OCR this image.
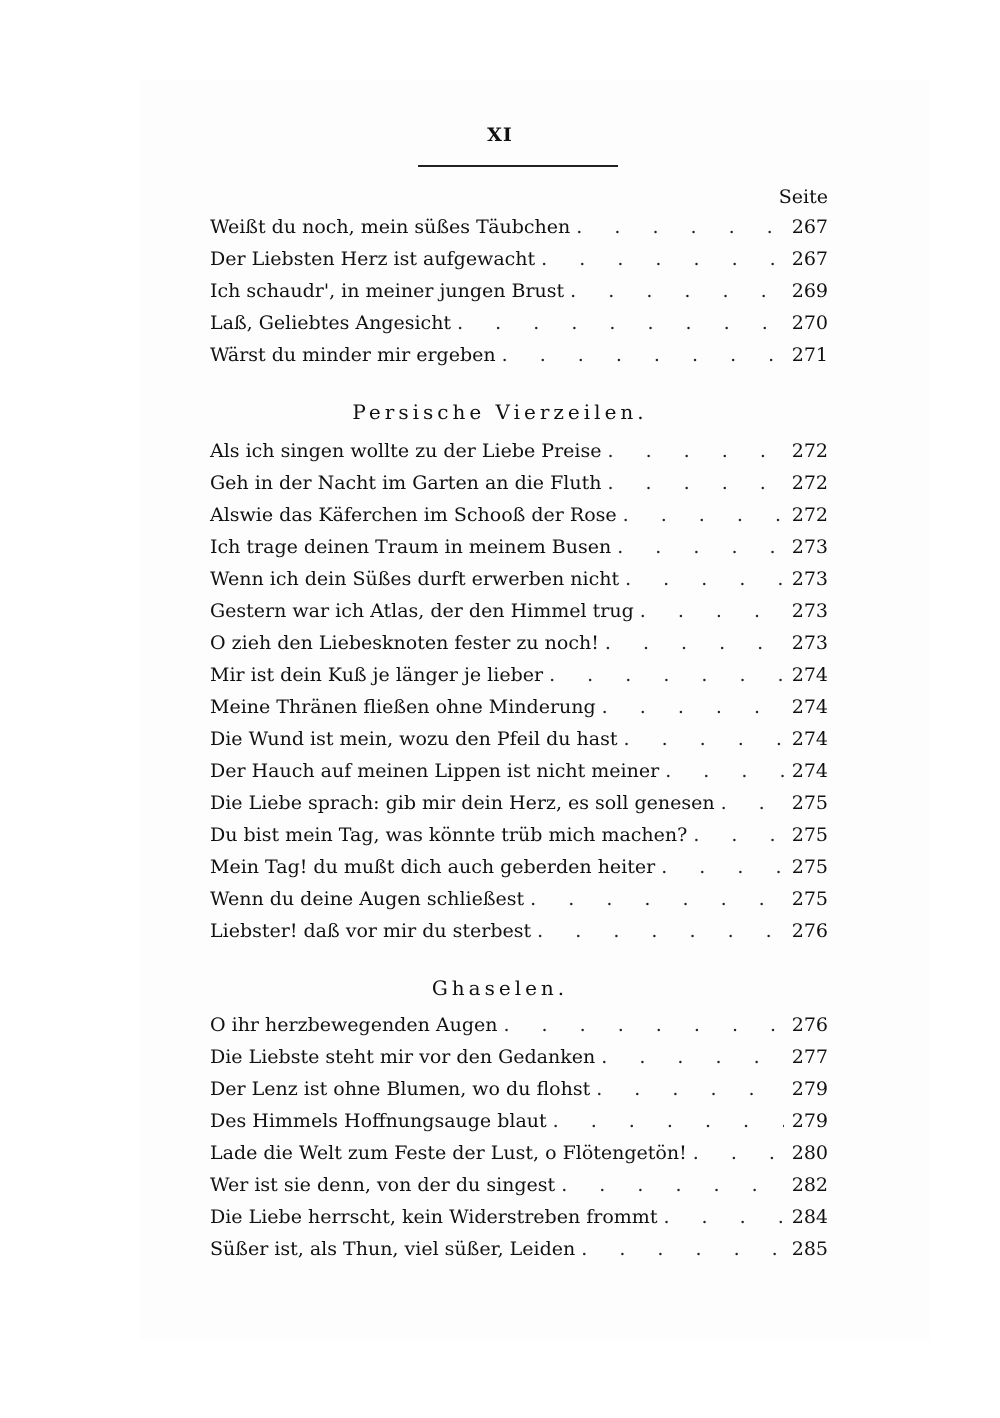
XI
Seite
Weißt du noch, mein süßes Täubchen . . .	267
Der Liebsten Herz ist aufgewacht . . .	267
Ich schaudr', in meiner jungen Brust . . .	269
Laß, Geliebtes Angesicht . . .	270
Wärst du minder mir ergeben . . .	271
Persische Vierzeilen.
Als ich singen wollte zu der Liebe Preise . . .	272
Geh in der Nacht im Garten an die Fluth . . .	272
Alswie das Käferchen im Schooß der Rose . . .	272
Ich trage deinen Traum in meinem Busen . . .	273
Wenn ich dein Süßes durft erwerben nicht . . .	273
Gestern war ich Atlas, der den Himmel trug . . .	273
O zieh den Liebesknoten fester zu noch! . . .	273
Mir ist dein Kuß je länger je lieber . . .	274
Meine Thränen fließen ohne Minderung . . .	274
Die Wund ist mein, wozu den Pfeil du hast . . .	274
Der Hauch auf meinen Lippen ist nicht meiner . . .	274
Die Liebe sprach: gib mir dein Herz, es soll genesen . . .	275
Du bist mein Tag, was könnte trüb mich machen? . . .	275
Mein Tag! du mußt dich auch geberden heiter . . .	275
Wenn du deine Augen schließest . . .	275
Liebster! daß vor mir du sterbest . . .	276
Ghaselen.
O ihr herzbewegenden Augen . . .	276
Die Liebste steht mir vor den Gedanken . . .	277
Der Lenz ist ohne Blumen, wo du flohst . . .	279
Des Himmels Hoffnungsauge blaut . . .	279
Lade die Welt zum Feste der Lust, o Flötengetön! . . .	280
Wer ist sie denn, von der du singest . . .	282
Die Liebe herrscht, kein Widerstreben frommt . . .	284
Süßer ist, als Thun, viel süßer, Leiden . . .	285
